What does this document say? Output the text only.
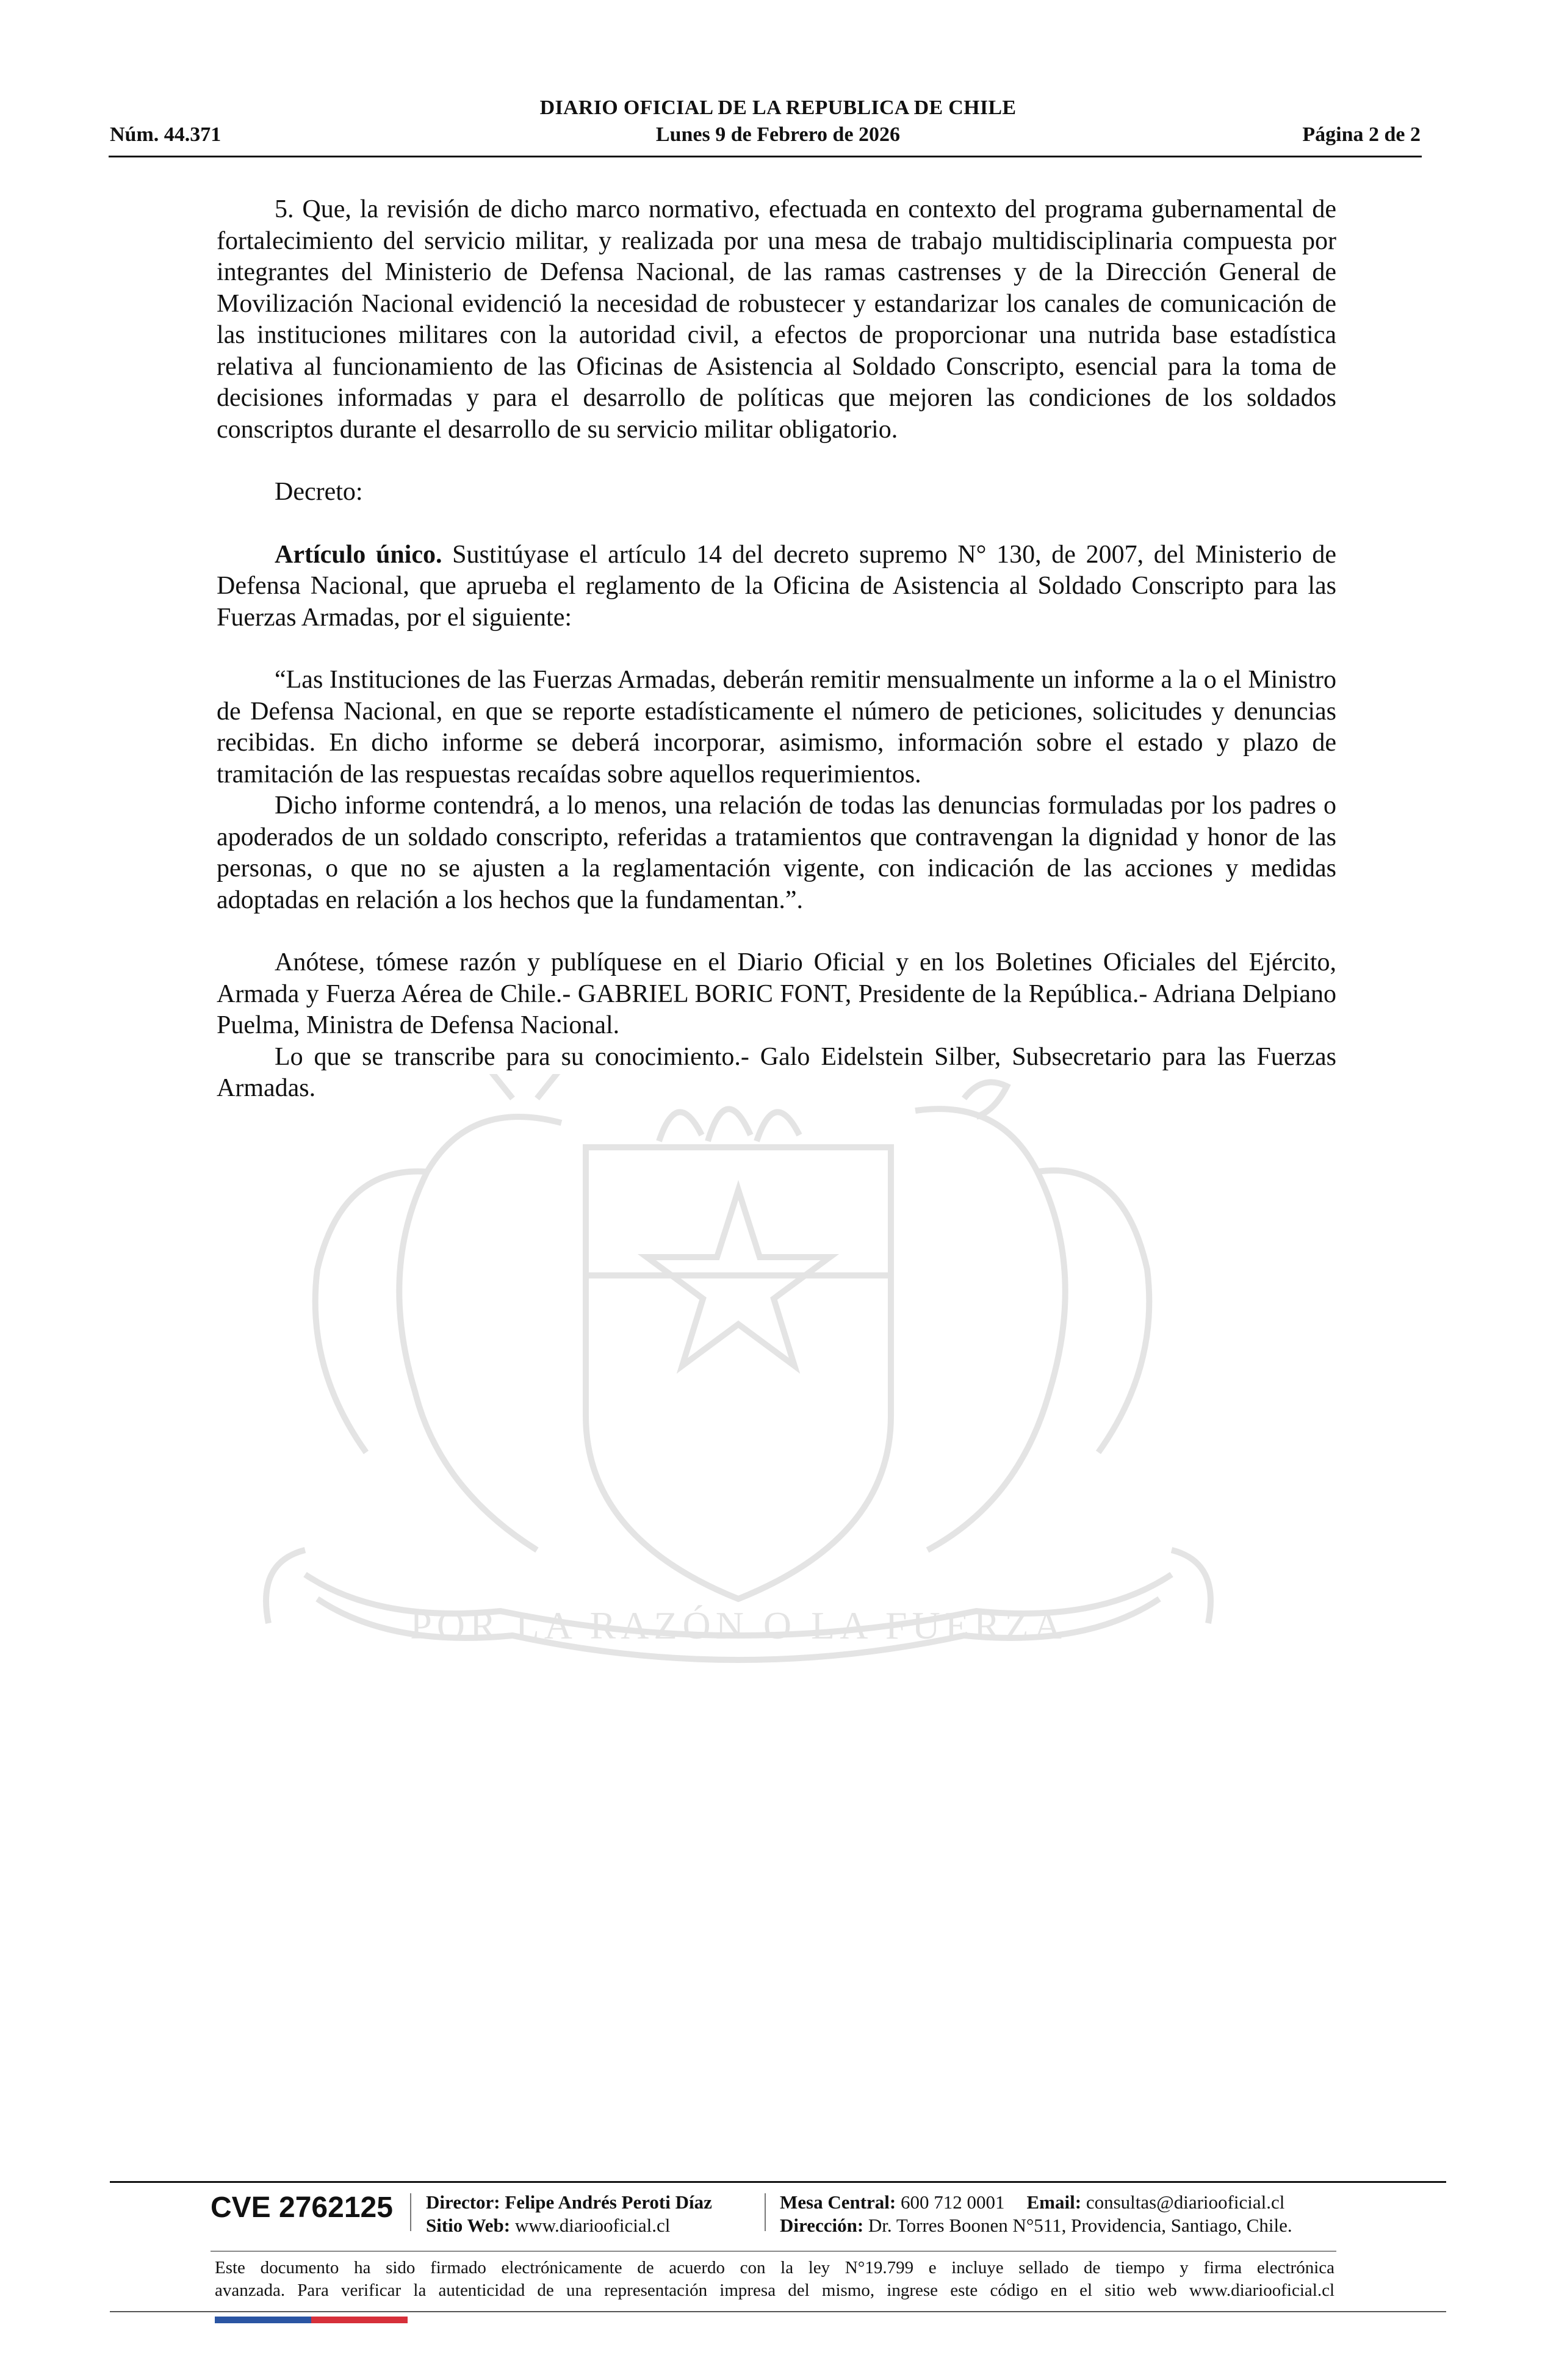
DIARIO OFICIAL DE LA REPUBLICA DE CHILE
Núm. 44.371	Lunes 9 de Febrero de 2026	Página 2 de 2
POR LA RAZÓN O LA FUERZA

5. Que, la revisión de dicho marco normativo, efectuada en contexto del programa gubernamental de fortalecimiento del servicio militar, y realizada por una mesa de trabajo multidisciplinaria compuesta por integrantes del Ministerio de Defensa Nacional, de las ramas castrenses y de la Dirección General de Movilización Nacional evidenció la necesidad de robustecer y estandarizar los canales de comunicación de las instituciones militares con la autoridad civil, a efectos de proporcionar una nutrida base estadística relativa al funcionamiento de las Oficinas de Asistencia al Soldado Conscripto, esencial para la toma de decisiones informadas y para el desarrollo de políticas que mejoren las condiciones de los soldados conscriptos durante el desarrollo de su servicio militar obligatorio.

Decreto:

Artículo único. Sustitúyase el artículo 14 del decreto supremo N° 130, de 2007, del Ministerio de Defensa Nacional, que aprueba el reglamento de la Oficina de Asistencia al Soldado Conscripto para las Fuerzas Armadas, por el siguiente:

“Las Instituciones de las Fuerzas Armadas, deberán remitir mensualmente un informe a la o el Ministro de Defensa Nacional, en que se reporte estadísticamente el número de peticiones, solicitudes y denuncias recibidas. En dicho informe se deberá incorporar, asimismo, información sobre el estado y plazo de tramitación de las respuestas recaídas sobre aquellos requerimientos.

Dicho informe contendrá, a lo menos, una relación de todas las denuncias formuladas por los padres o apoderados de un soldado conscripto, referidas a tratamientos que contravengan la dignidad y honor de las personas, o que no se ajusten a la reglamentación vigente, con indicación de las acciones y medidas adoptadas en relación a los hechos que la fundamentan.”.

Anótese, tómese razón y publíquese en el Diario Oficial y en los Boletines Oficiales del Ejército, Armada y Fuerza Aérea de Chile.- GABRIEL BORIC FONT, Presidente de la República.- Adriana Delpiano Puelma, Ministra de Defensa Nacional.

Lo que se transcribe para su conocimiento.- Galo Eidelstein Silber, Subsecretario para las Fuerzas Armadas.

CVE 2762125 Director: Felipe Andrés Peroti Díaz
Sitio Web: www.diariooficial.cl
Mesa Central: 600 712 0001 Email: consultas@diariooficial.cl
Dirección: Dr. Torres Boonen N°511, Providencia, Santiago, Chile.
Este documento ha sido firmado electrónicamente de acuerdo con la ley N°19.799 e incluye sellado de tiempo y firma electrónica
avanzada. Para verificar la autenticidad de una representación impresa del mismo, ingrese este código en el sitio web www.diariooficial.cl
